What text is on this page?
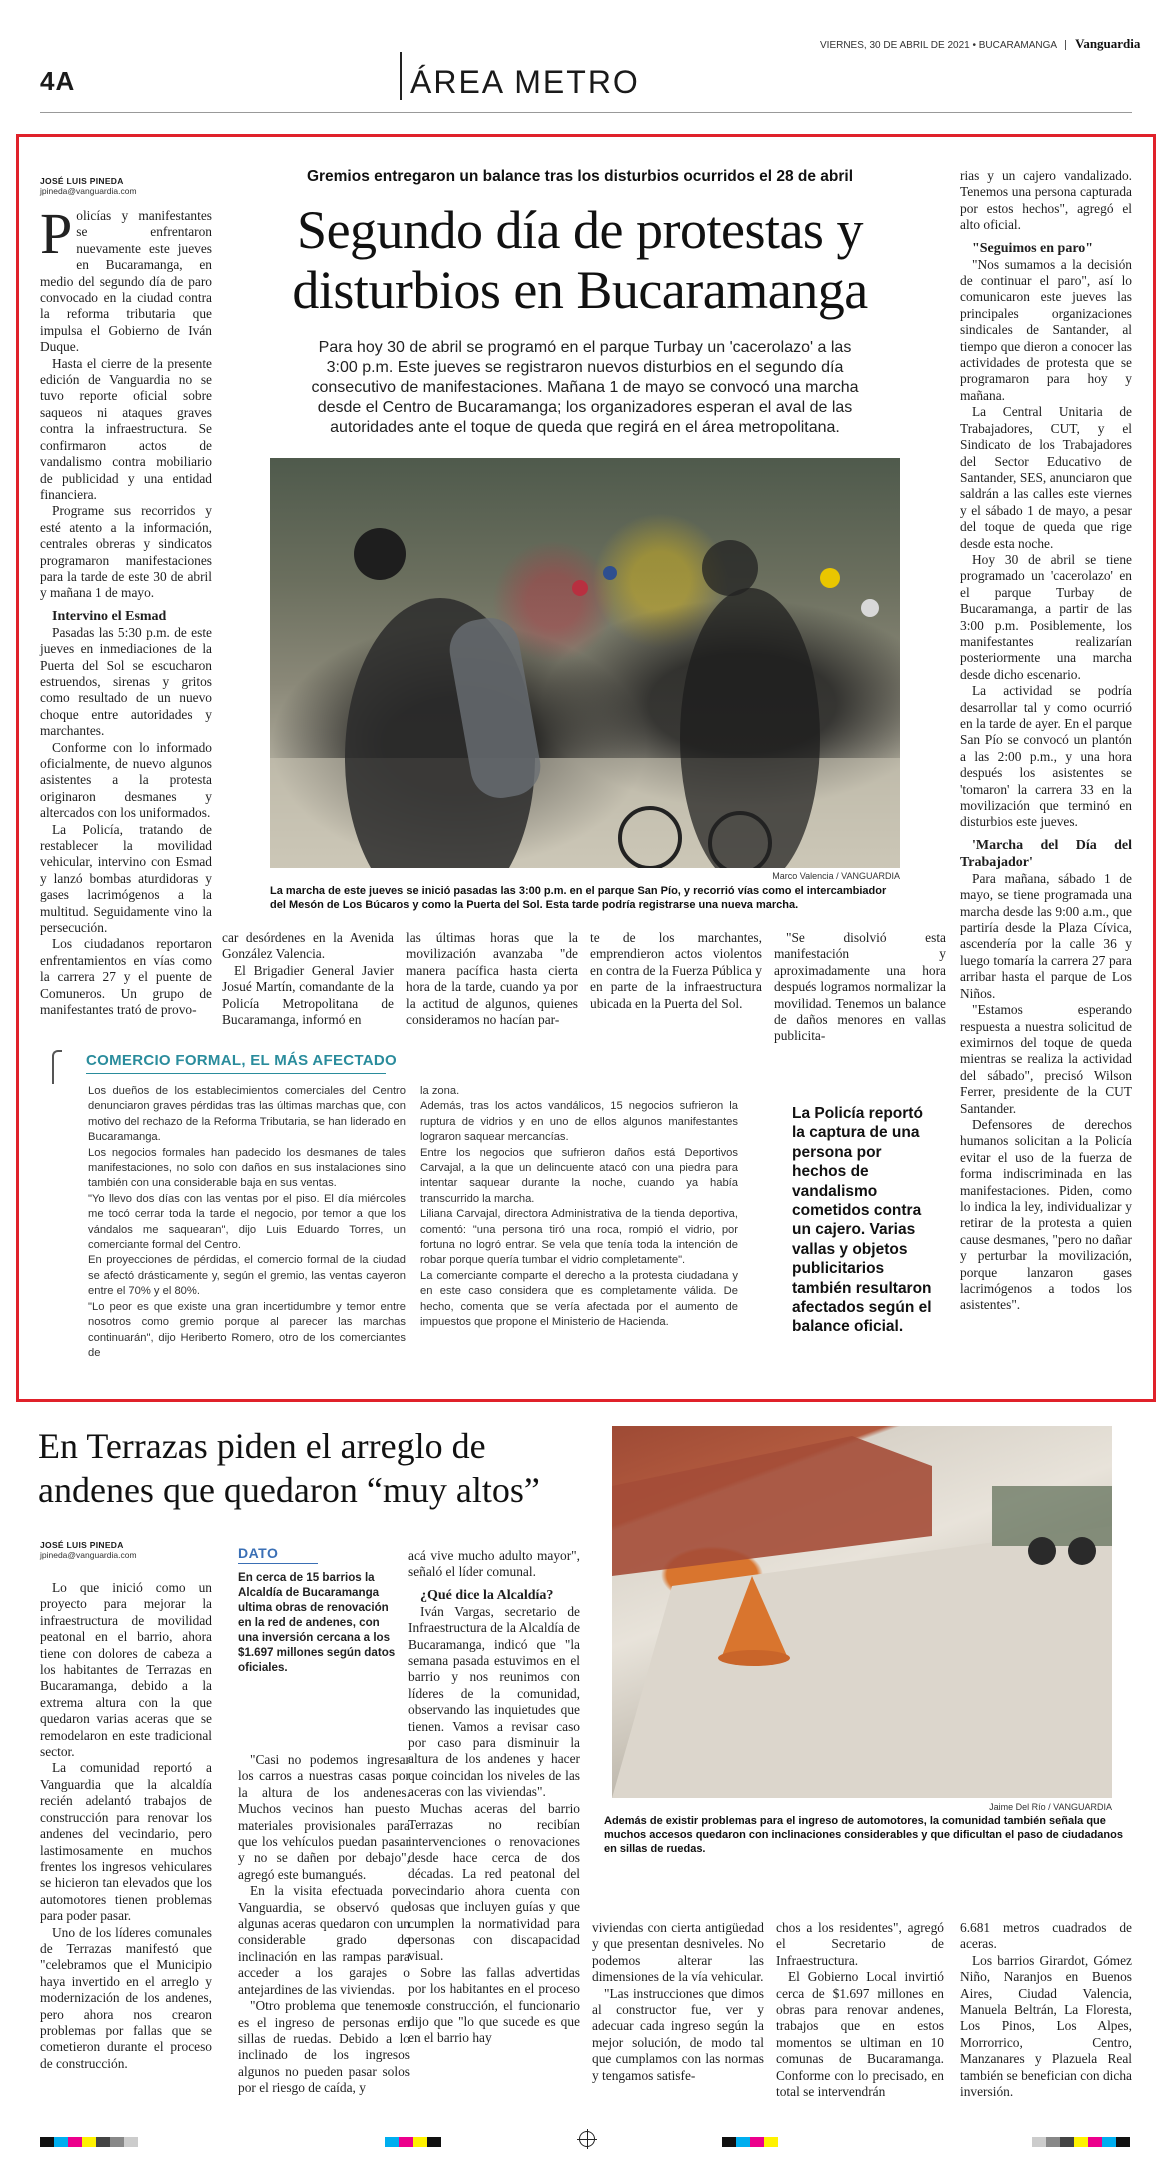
4A	ÁREA METRO
VIERNES, 30 DE ABRIL DE 2021 • BUCARAMANGA Vanguardia
JOSÉ LUIS PINEDA
jpineda@vanguardia.com

Policías y manifestantes se enfrentaron nuevamente este jueves en Bucaramanga, en medio del segundo día de paro convocado en la ciudad contra la reforma tributaria que impulsa el Gobierno de Iván Duque.

Hasta el cierre de la presente edición de Vanguardia no se tuvo reporte oficial sobre saqueos ni ataques graves contra la infraestructura. Se confirmaron actos de vandalismo contra mobiliario de publicidad y una entidad financiera.

Programe sus recorridos y esté atento a la información, centrales obreras y sindicatos programaron manifestaciones para la tarde de este 30 de abril y mañana 1 de mayo.

Intervino el Esmad

Pasadas las 5:30 p.m. de este jueves en inmediaciones de la Puerta del Sol se escucharon estruendos, sirenas y gritos como resultado de un nuevo choque entre autoridades y marchantes.

Conforme con lo informado oficialmente, de nuevo algunos asistentes a la protesta originaron desmanes y altercados con los uniformados.

La Policía, tratando de restablecer la movilidad vehicular, intervino con Esmad y lanzó bombas aturdidoras y gases lacrimógenos a la multitud. Seguidamente vino la persecución.

Los ciudadanos reportaron enfrentamientos en vías como la carrera 27 y el puente de Comuneros. Un grupo de manifestantes trató de provo-

Gremios entregaron un balance tras los disturbios ocurridos el 28 de abril
Segundo día de protestas y
disturbios en Bucaramanga
Para hoy 30 de abril se programó en el parque Turbay un 'cacerolazo' a las 3:00 p.m. Este jueves se registraron nuevos disturbios en el segundo día consecutivo de manifestaciones. Mañana 1 de mayo se convocó una marcha desde el Centro de Bucaramanga; los organizadores esperan el aval de las autoridades ante el toque de queda que regirá en el área metropolitana.
Marco Valencia / VANGUARDIA
La marcha de este jueves se inició pasadas las 3:00 p.m. en el parque San Pío, y recorrió vías como el intercambiador del Mesón de Los Búcaros y como la Puerta del Sol. Esta tarde podría registrarse una nueva marcha.

car desórdenes en la Avenida González Valencia.

El Brigadier General Javier Josué Martín, comandante de la Policía Metropolitana de Bucaramanga, informó en

las últimas horas que la movilización avanzaba "de manera pacífica hasta cierta hora de la tarde, cuando ya por la actitud de algunos, quienes consideramos no hacían par-

te de los marchantes, emprendieron actos violentos en contra de la Fuerza Pública y en parte de la infraestructura ubicada en la Puerta del Sol.

"Se disolvió esta manifestación y aproximadamente una hora después logramos normalizar la movilidad. Tenemos un balance de daños menores en vallas publicita-

rias y un cajero vandalizado. Tenemos una persona capturada por estos hechos", agregó el alto oficial.

"Seguimos en paro"

"Nos sumamos a la decisión de continuar el paro", así lo comunicaron este jueves las principales organizaciones sindicales de Santander, al tiempo que dieron a conocer las actividades de protesta que se programaron para hoy y mañana.

La Central Unitaria de Trabajadores, CUT, y el Sindicato de los Trabajadores del Sector Educativo de Santander, SES, anunciaron que saldrán a las calles este viernes y el sábado 1 de mayo, a pesar del toque de queda que rige desde esta noche.

Hoy 30 de abril se tiene programado un 'cacerolazo' en el parque Turbay de Bucaramanga, a partir de las 3:00 p.m. Posiblemente, los manifestantes realizarían posteriormente una marcha desde dicho escenario.

La actividad se podría desarrollar tal y como ocurrió en la tarde de ayer. En el parque San Pío se convocó un plantón a las 2:00 p.m., y una hora después los asistentes se 'tomaron' la carrera 33 en la movilización que terminó en disturbios este jueves.

'Marcha del Día del Trabajador'

Para mañana, sábado 1 de mayo, se tiene programada una marcha desde las 9:00 a.m., que partiría desde la Plaza Cívica, ascendería por la calle 36 y luego tomaría la carrera 27 para arribar hasta el parque de Los Niños.

"Estamos esperando respuesta a nuestra solicitud de eximirnos del toque de queda mientras se realiza la actividad del sábado", precisó Wilson Ferrer, presidente de la CUT Santander.

Defensores de derechos humanos solicitan a la Policía evitar el uso de la fuerza de forma indiscriminada en las manifestaciones. Piden, como lo indica la ley, individualizar y retirar de la protesta a quien cause desmanes, "pero no dañar y perturbar la movilización, porque lanzaron gases lacrimógenos a todos los asistentes".

COMERCIO FORMAL, EL MÁS AFECTADO

Los dueños de los establecimientos comerciales del Centro denunciaron graves pérdidas tras las últimas marchas que, con motivo del rechazo de la Reforma Tributaria, se han liderado en Bucaramanga.

Los negocios formales han padecido los desmanes de tales manifestaciones, no solo con daños en sus instalaciones sino también con una considerable baja en sus ventas.

"Yo llevo dos días con las ventas por el piso. El día miércoles me tocó cerrar toda la tarde el negocio, por temor a que los vándalos me saquearan", dijo Luis Eduardo Torres, un comerciante formal del Centro.

En proyecciones de pérdidas, el comercio formal de la ciudad se afectó drásticamente y, según el gremio, las ventas cayeron entre el 70% y el 80%.

"Lo peor es que existe una gran incertidumbre y temor entre nosotros como gremio porque al parecer las marchas continuarán", dijo Heriberto Romero, otro de los comerciantes de

la zona.

Además, tras los actos vandálicos, 15 negocios sufrieron la ruptura de vidrios y en uno de ellos algunos manifestantes lograron saquear mercancías.

Entre los negocios que sufrieron daños está Deportivos Carvajal, a la que un delincuente atacó con una piedra para intentar saquear durante la noche, cuando ya había transcurrido la marcha.

Liliana Carvajal, directora Administrativa de la tienda deportiva, comentó: "una persona tiró una roca, rompió el vidrio, por fortuna no logró entrar. Se vela que tenía toda la intención de robar porque quería tumbar el vidrio completamente".

La comerciante comparte el derecho a la protesta ciudadana y en este caso considera que es completamente válida. De hecho, comenta que se vería afectada por el aumento de impuestos que propone el Ministerio de Hacienda.

La Policía reportó la captura de una persona por hechos de vandalismo cometidos contra un cajero. Varias vallas y objetos publicitarios también resultaron afectados según el balance oficial.
En Terrazas piden el arreglo de
andenes que quedaron “muy altos”
JOSÉ LUIS PINEDA
jpineda@vanguardia.com
Jaime Del Río / VANGUARDIA
Además de existir problemas para el ingreso de automotores, la comunidad también señala que muchos accesos quedaron con inclinaciones considerables y que dificultan el paso de ciudadanos en sillas de ruedas.

Lo que inició como un proyecto para mejorar la infraestructura de movilidad peatonal en el barrio, ahora tiene con dolores de cabeza a los habitantes de Terrazas en Bucaramanga, debido a la extrema altura con la que quedaron varias aceras que se remodelaron en este tradicional sector.

La comunidad reportó a Vanguardia que la alcaldía recién adelantó trabajos de construcción para renovar los andenes del vecindario, pero lastimosamente en muchos frentes los ingresos vehiculares se hicieron tan elevados que los automotores tienen problemas para poder pasar.

Uno de los líderes comunales de Terrazas manifestó que "celebramos que el Municipio haya invertido en el arreglo y modernización de los andenes, pero ahora nos crearon problemas por fallas que se cometieron durante el proceso de construcción.

DATO
En cerca de 15 barrios la Alcaldía de Bucaramanga ultima obras de renovación en la red de andenes, con una inversión cercana a los $1.697 millones según datos oficiales.

"Casi no podemos ingresar los carros a nuestras casas por la altura de los andenes. Muchos vecinos han puesto materiales provisionales para que los vehículos puedan pasar y no se dañen por debajo", agregó este bumangués.

En la visita efectuada por Vanguardia, se observó que algunas aceras quedaron con un considerable grado de inclinación en las rampas para acceder a los garajes o antejardines de las viviendas.

"Otro problema que tenemos es el ingreso de personas en sillas de ruedas. Debido a lo inclinado de los ingresos algunos no pueden pasar solos por el riesgo de caída, y

acá vive mucho adulto mayor", señaló el líder comunal.

¿Qué dice la Alcaldía?

Iván Vargas, secretario de Infraestructura de la Alcaldía de Bucaramanga, indicó que "la semana pasada estuvimos en el barrio y nos reunimos con líderes de la comunidad, observando las inquietudes que tienen. Vamos a revisar caso por caso para disminuir la altura de los andenes y hacer que coincidan los niveles de las aceras con las viviendas".

Muchas aceras del barrio Terrazas no recibían intervenciones o renovaciones desde hace cerca de dos décadas. La red peatonal del vecindario ahora cuenta con losas que incluyen guías y que cumplen la normatividad para personas con discapacidad visual.

Sobre las fallas advertidas por los habitantes en el proceso de construcción, el funcionario dijo que "lo que sucede es que en el barrio hay

viviendas con cierta antigüedad y que presentan desniveles. No podemos alterar las dimensiones de la vía vehicular.

"Las instrucciones que dimos al constructor fue, ver y adecuar cada ingreso según la mejor solución, de modo tal que cumplamos con las normas y tengamos satisfe-

chos a los residentes", agregó el Secretario de Infraestructura.

El Gobierno Local invirtió cerca de $1.697 millones en obras para renovar andenes, trabajos que en estos momentos se ultiman en 10 comunas de Bucaramanga. Conforme con lo precisado, en total se intervendrán

6.681 metros cuadrados de aceras.

Los barrios Girardot, Gómez Niño, Naranjos en Buenos Aires, Ciudad Valencia, Manuela Beltrán, La Floresta, Los Pinos, Los Alpes, Morrorrico, Centro, Manzanares y Plazuela Real también se benefician con dicha inversión.
